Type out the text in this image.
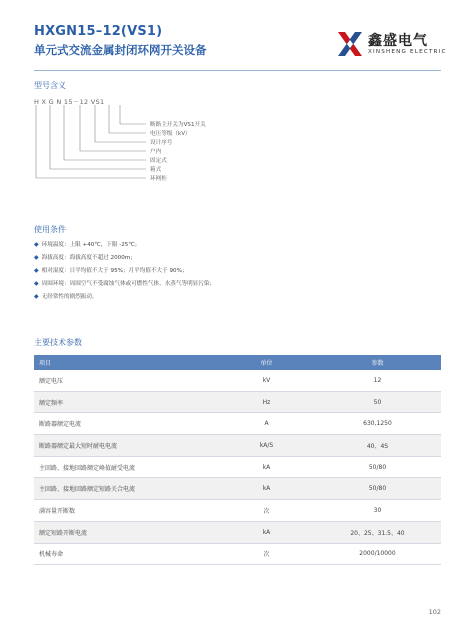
HXGN15–12(VS1)
单元式交流金属封闭环网开关设备
鑫盛电气
XINSHENG ELECTRIC
型号含义
H X G N 15－12 VS1
断路主开关为VS1开关
电压等级（kV）
设计序号
户内
固定式
箱式
环网柜
使用条件
◆ 环境温度：上限 +40℃，下限 -25℃；
◆ 海拔高度：海拔高度不超过 2000m；
◆ 相对湿度：日平均值不大于 95%；月平均值不大于 90%；
◆ 周围环境：周围空气不受腐蚀气体或可燃性气体、水蒸气等明显污染；
◆ 无经常性的剧烈振动。
主要技术参数
项目	单位	参数
额定电压	kV	12
额定频率	Hz	50
断路器额定电流	A	630,1250
断路器额定最大短时耐电电流	kA/S	40、4S
主回路、接地回路额定峰值耐受电流	kA	50/80
主回路、接地回路额定短路关合电流	kA	50/80
满容量开断数	次	30
额定短路开断电流	kA	20、25、31.5、40
机械寿命	次	2000/10000
102
